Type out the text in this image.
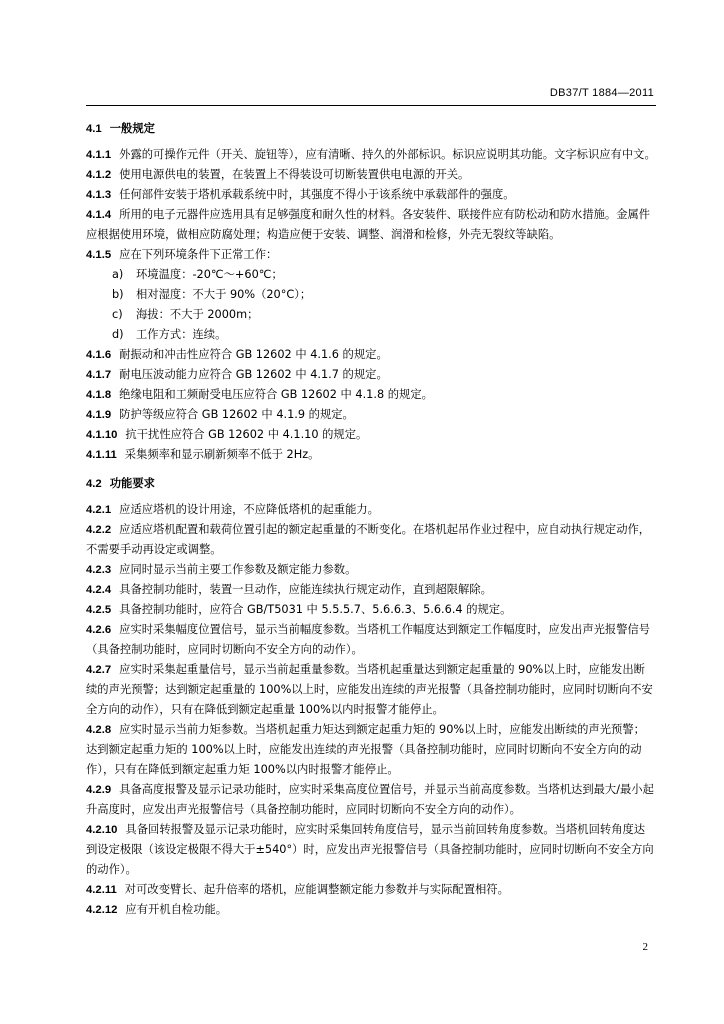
DB37/T 1884—2011
4.1 一般规定

4.1.1 外露的可操作元件（开关、旋钮等），应有清晰、持久的外部标识。标识应说明其功能。文字标识应有中文。

4.1.2 使用电源供电的装置，在装置上不得装设可切断装置供电电源的开关。

4.1.3 任何部件安装于塔机承载系统中时，其强度不得小于该系统中承载部件的强度。

4.1.4 所用的电子元器件应选用具有足够强度和耐久性的材料。各安装件、联接件应有防松动和防水措施。金属件应根据使用环境，做相应防腐处理；构造应便于安装、调整、润滑和检修，外壳无裂纹等缺陷。

4.1.5 应在下列环境条件下正常工作：

a) 环境温度：-20℃～+60℃；

b) 相对湿度：不大于 90%（20°C）；

c) 海拔：不大于 2000m；

d) 工作方式：连续。

4.1.6 耐振动和冲击性应符合 GB 12602 中 4.1.6 的规定。

4.1.7 耐电压波动能力应符合 GB 12602 中 4.1.7 的规定。

4.1.8 绝缘电阻和工频耐受电压应符合 GB 12602 中 4.1.8 的规定。

4.1.9 防护等级应符合 GB 12602 中 4.1.9 的规定。

4.1.10 抗干扰性应符合 GB 12602 中 4.1.10 的规定。

4.1.11 采集频率和显示刷新频率不低于 2Hz。

4.2 功能要求

4.2.1 应适应塔机的设计用途，不应降低塔机的起重能力。

4.2.2 应适应塔机配置和载荷位置引起的额定起重量的不断变化。在塔机起吊作业过程中，应自动执行规定动作，不需要手动再设定或调整。

4.2.3 应同时显示当前主要工作参数及额定能力参数。

4.2.4 具备控制功能时，装置一旦动作，应能连续执行规定动作，直到超限解除。

4.2.5 具备控制功能时，应符合 GB/T5031 中 5.5.5.7、5.6.6.3、5.6.6.4 的规定。

4.2.6 应实时采集幅度位置信号，显示当前幅度参数。当塔机工作幅度达到额定工作幅度时，应发出声光报警信号（具备控制功能时，应同时切断向不安全方向的动作）。

4.2.7 应实时采集起重量信号，显示当前起重量参数。当塔机起重量达到额定起重量的 90%以上时，应能发出断续的声光预警；达到额定起重量的 100%以上时，应能发出连续的声光报警（具备控制功能时，应同时切断向不安全方向的动作），只有在降低到额定起重量 100%以内时报警才能停止。

4.2.8 应实时显示当前力矩参数。当塔机起重力矩达到额定起重力矩的 90%以上时，应能发出断续的声光预警；达到额定起重力矩的 100%以上时，应能发出连续的声光报警（具备控制功能时，应同时切断向不安全方向的动作），只有在降低到额定起重力矩 100%以内时报警才能停止。

4.2.9 具备高度报警及显示记录功能时，应实时采集高度位置信号，并显示当前高度参数。当塔机达到最大/最小起升高度时，应发出声光报警信号（具备控制功能时，应同时切断向不安全方向的动作）。

4.2.10 具备回转报警及显示记录功能时，应实时采集回转角度信号，显示当前回转角度参数。当塔机回转角度达到设定极限（该设定极限不得大于±540°）时，应发出声光报警信号（具备控制功能时，应同时切断向不安全方向的动作）。

4.2.11 对可改变臂长、起升倍率的塔机，应能调整额定能力参数并与实际配置相符。

4.2.12 应有开机自检功能。

2
